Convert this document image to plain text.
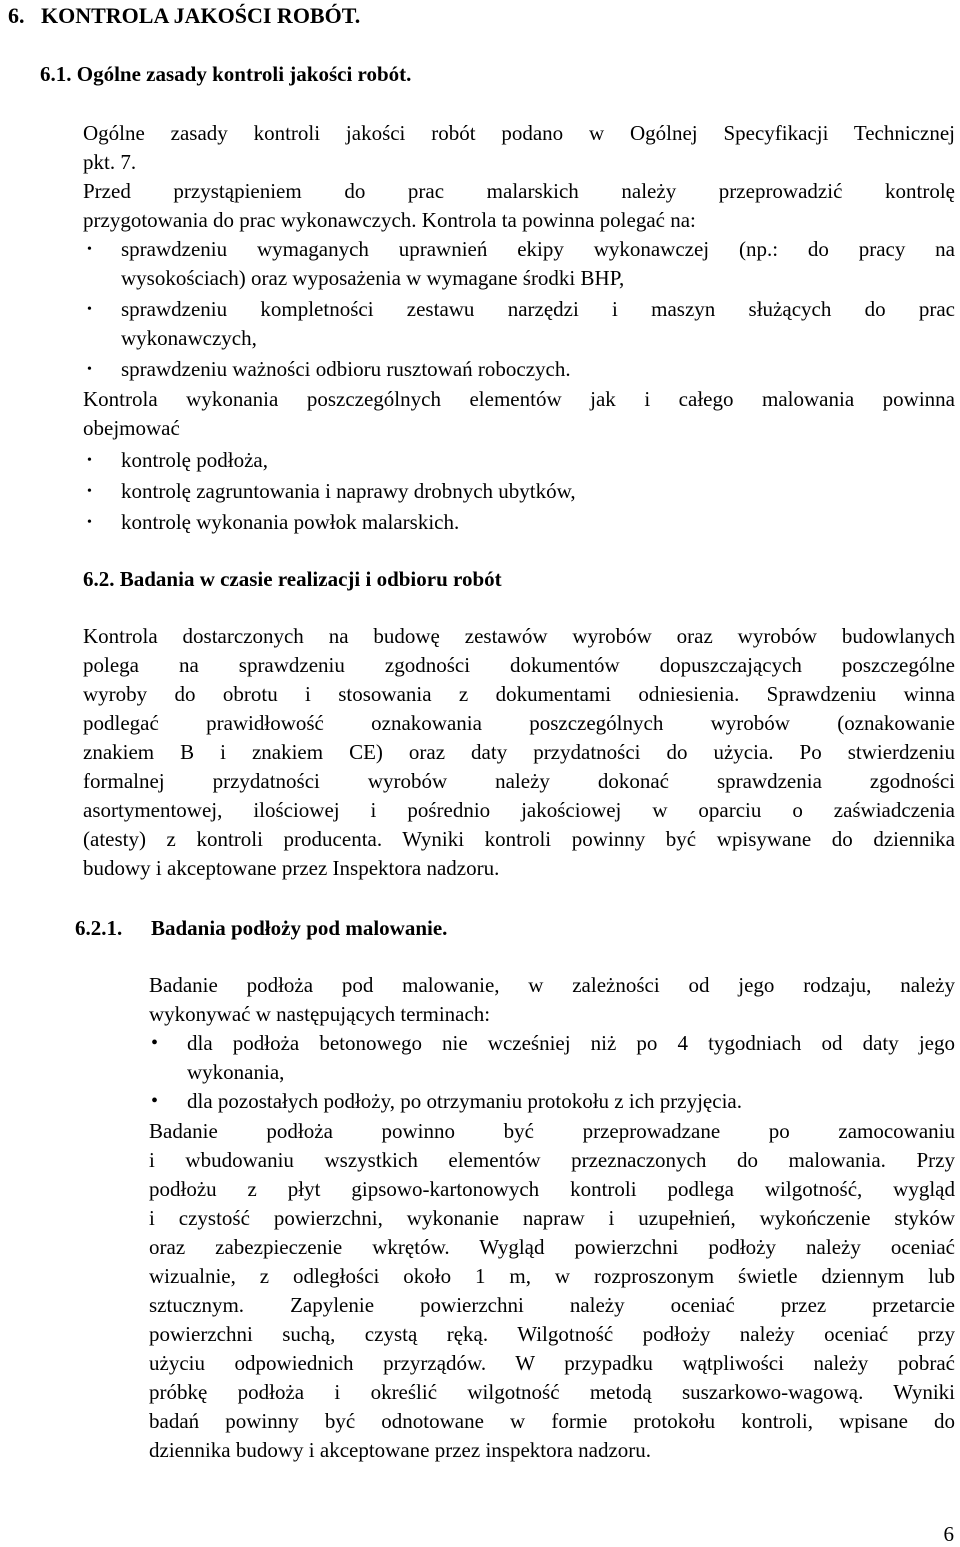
6.   KONTROLA JAKOŚCI ROBÓT.
6.1. Ogólne zasady kontroli jakości robót.
Ogólne zasady kontroli jakości robót podano w Ogólnej Specyfikacji Technicznej
pkt. 7.
Przed przystąpieniem do prac malarskich należy przeprowadzić kontrolę
przygotowania do prac wykonawczych. Kontrola ta powinna polegać na:
• sprawdzeniu wymaganych uprawnień ekipy wykonawczej (np.: do pracy na
wysokościach) oraz wyposażenia w wymagane środki BHP,
• sprawdzeniu kompletności zestawu narzędzi i maszyn służących do prac
wykonawczych,
• sprawdzeniu ważności odbioru rusztowań roboczych.
Kontrola wykonania poszczególnych elementów jak i całego malowania powinna
obejmować
• kontrolę podłoża,
• kontrolę zagruntowania i naprawy drobnych ubytków,
• kontrolę wykonania powłok malarskich.
6.2. Badania w czasie realizacji i odbioru robót
Kontrola dostarczonych na budowę zestawów wyrobów oraz wyrobów budowlanych
polega na sprawdzeniu zgodności dokumentów dopuszczających poszczególne
wyroby do obrotu i stosowania z dokumentami odniesienia. Sprawdzeniu winna
podlegać prawidłowość oznakowania poszczególnych wyrobów (oznakowanie
znakiem B i znakiem CE) oraz daty przydatności do użycia. Po stwierdzeniu
formalnej przydatności wyrobów należy dokonać sprawdzenia zgodności
asortymentowej, ilościowej i pośrednio jakościowej w oparciu o zaświadczenia
(atesty) z kontroli producenta. Wyniki kontroli powinny być wpisywane do dziennika
budowy i akceptowane przez Inspektora nadzoru.
6.2.1. Badania podłoży pod malowanie.
Badanie podłoża pod malowanie, w zależności od jego rodzaju, należy
wykonywać w następujących terminach:
• dla podłoża betonowego nie wcześniej niż po 4 tygodniach od daty jego
wykonania,
• dla pozostałych podłoży, po otrzymaniu protokołu z ich przyjęcia.
Badanie podłoża powinno być przeprowadzane po zamocowaniu
i wbudowaniu wszystkich elementów przeznaczonych do malowania. Przy
podłożu z płyt gipsowo-kartonowych kontroli podlega wilgotność, wygląd
i czystość powierzchni, wykonanie napraw i uzupełnień, wykończenie styków
oraz zabezpieczenie wkrętów. Wygląd powierzchni podłoży należy oceniać
wizualnie, z odległości około 1 m, w rozproszonym świetle dziennym lub
sztucznym. Zapylenie powierzchni należy oceniać przez przetarcie
powierzchni suchą, czystą ręką. Wilgotność podłoży należy oceniać przy
użyciu odpowiednich przyrządów. W przypadku wątpliwości należy pobrać
próbkę podłoża i określić wilgotność metodą suszarkowo-wagową. Wyniki
badań powinny być odnotowane w formie protokołu kontroli, wpisane do
dziennika budowy i akceptowane przez inspektora nadzoru.
6
